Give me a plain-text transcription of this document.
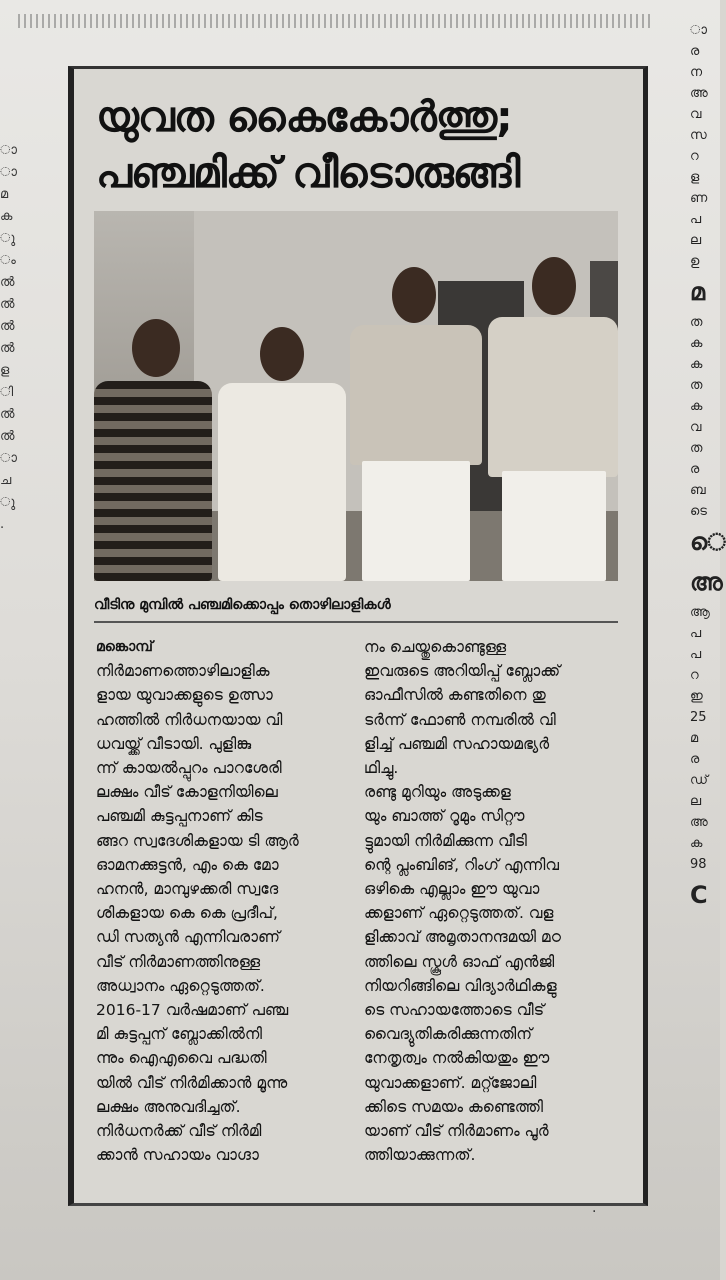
ാ
ാ
മ
ക
ു
ം
ൽ
ൽ
ൽ
ൽ
ള
ി
ൽ
ൽ
ാ
ച
ു
.
ാ
ര
ന
അ
വ
സ
റ
ള
ണ
പ
ല
ഉ
മ
ത
ക
ക
ത
ക
വ
ത
ര
ബ
ടെ
െ
അ
ആ
പ
പ
റ
ഇ
25
മ
ര
ഡ്
ല
അ
ക
98
C
യുവത കൈകോർത്തു;
പഞ്ചമിക്ക് വീടൊരുങ്ങി
വീടിനു മുമ്പിൽ പഞ്ചമിക്കൊപ്പം തൊഴിലാളികൾ
മങ്കൊമ്പ്
നിർമാണത്തൊഴിലാളിക
ളായ യുവാക്കളുടെ ഉത്സാ
ഹത്തിൽ നിർധനയായ വി
ധവയ്ക്ക് വീടായി. പുളിങ്കു
ന്ന് കായൽപ്പുറം പാറശേരി
ലക്ഷം വീട് കോളനിയിലെ
പഞ്ചമി കുട്ടപ്പനാണ് കിട
ങ്ങറ സ്വദേശികളായ ടി ആർ
ഓമനക്കുട്ടൻ, എം കെ മോ
ഹനൻ, മാമ്പുഴക്കരി സ്വദേ
ശികളായ കെ കെ പ്രദീപ്,
ഡി സത്യൻ എന്നിവരാണ്
വീട് നിർമാണത്തിനുള്ള
അധ്വാനം ഏറ്റെടുത്തത്.
2016-17 വർഷമാണ് പഞ്ച
മി കുട്ടപ്പന് ബ്ലോക്കിൽനി
ന്നും ഐഎവൈ പദ്ധതി
യിൽ വീട് നിർമിക്കാൻ മൂന്നു
ലക്ഷം അനുവദിച്ചത്.
നിർധനർക്ക് വീട് നിർമി
ക്കാൻ സഹായം വാഗ്ദാ
നം ചെയ്തുകൊണ്ടുള്ള
ഇവരുടെ അറിയിപ്പ് ബ്ലോക്ക്
ഓഫീസിൽ കണ്ടതിനെ തു
ടർന്ന് ഫോൺ നമ്പരിൽ വി
ളിച്ച് പഞ്ചമി സഹായമഭ്യർ
ഥിച്ചു.
രണ്ടു മുറിയും അടുക്കള
യും ബാത്ത് റൂമും സിറ്റൗ
ട്ടുമായി നിർമിക്കുന്ന വീടി
ന്റെ പ്ലംബിങ്, റിംഗ് എന്നിവ
ഒഴികെ എല്ലാം ഈ യുവാ
ക്കളാണ് ഏറ്റെടുത്തത്. വള
ളിക്കാവ് അമൃതാനന്ദമയി മഠ
ത്തിലെ സ്കൂൾ ഓഫ് എൻജി
നിയറിങ്ങിലെ വിദ്യാർഥികളു
ടെ സഹായത്തോടെ വീട്
വൈദ്യുതികരിക്കുന്നതിന്
നേതൃത്വം നൽകിയതും ഈ
യുവാക്കളാണ്. മറ്റ്ജോലി
ക്കിടെ സമയം കണ്ടെത്തി
യാണ് വീട് നിർമാണം പൂർ
ത്തിയാക്കുന്നത്.
·
